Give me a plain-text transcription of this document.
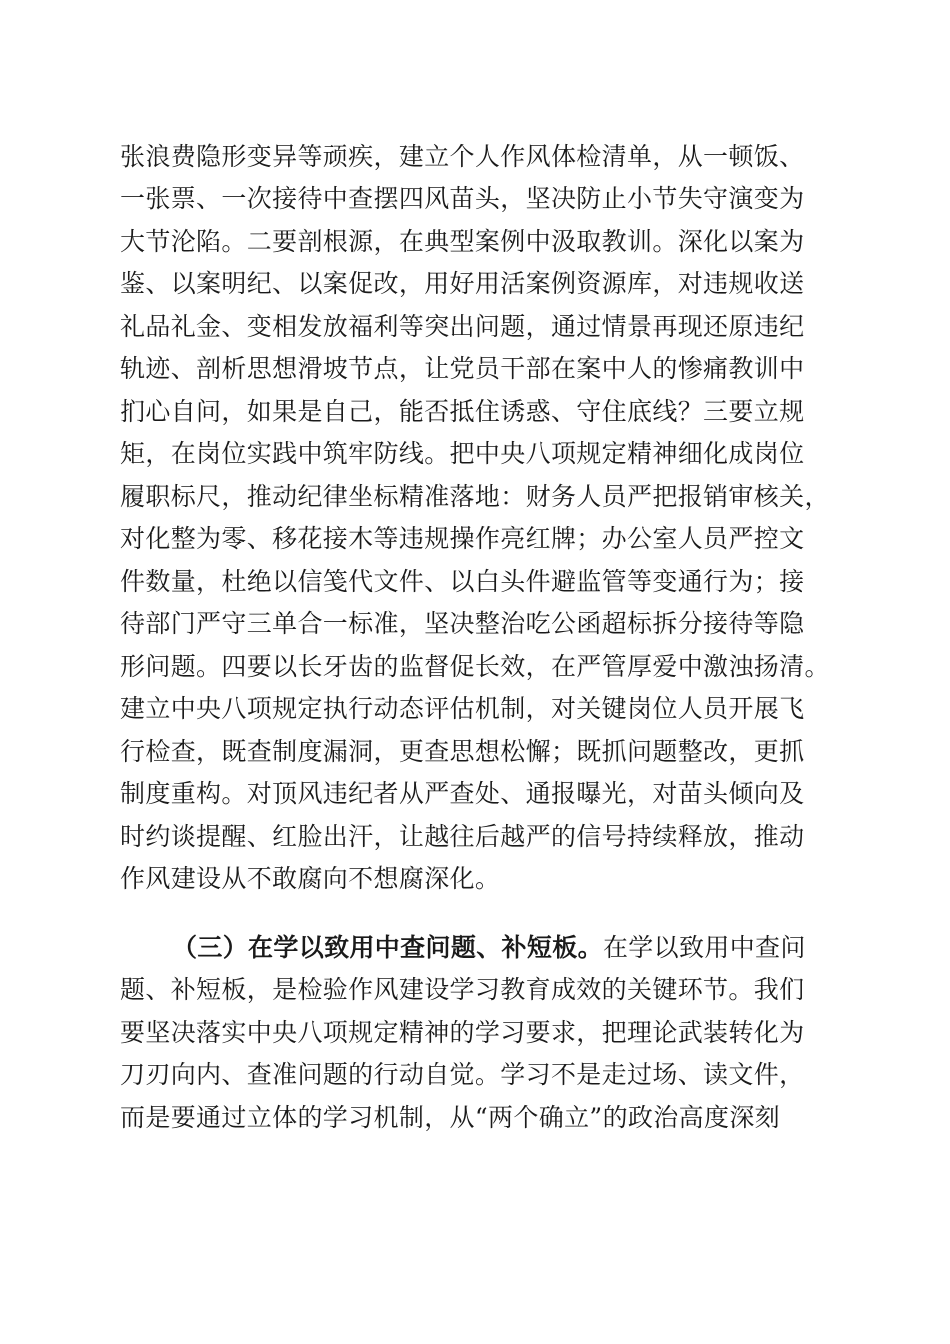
张浪费隐形变异等顽疾，建立个人作风体检清单，从一顿饭、
一张票、一次接待中查摆四风苗头，坚决防止小节失守演变为
大节沦陷。二要剖根源，在典型案例中汲取教训。深化以案为
鉴、以案明纪、以案促改，用好用活案例资源库，对违规收送
礼品礼金、变相发放福利等突出问题，通过情景再现还原违纪
轨迹、剖析思想滑坡节点，让党员干部在案中人的惨痛教训中
扪心自问，如果是自己，能否抵住诱惑、守住底线？三要立规
矩，在岗位实践中筑牢防线。把中央八项规定精神细化成岗位
履职标尺，推动纪律坐标精准落地：财务人员严把报销审核关，
对化整为零、移花接木等违规操作亮红牌；办公室人员严控文
件数量，杜绝以信笺代文件、以白头件避监管等变通行为；接
待部门严守三单合一标准，坚决整治吃公函超标拆分接待等隐
形问题。四要以长牙齿的监督促长效，在严管厚爱中激浊扬清。
建立中央八项规定执行动态评估机制，对关键岗位人员开展飞
行检查，既查制度漏洞，更查思想松懈；既抓问题整改，更抓
制度重构。对顶风违纪者从严查处、通报曝光，对苗头倾向及
时约谈提醒、红脸出汗，让越往后越严的信号持续释放，推动
作风建设从不敢腐向不想腐深化。
（三）在学以致用中查问题、补短板。在学以致用中查问
题、补短板，是检验作风建设学习教育成效的关键环节。我们
要坚决落实中央八项规定精神的学习要求，把理论武装转化为
刀刃向内、查准问题的行动自觉。学习不是走过场、读文件，
而是要通过立体的学习机制，从“两个确立”的政治高度深刻
